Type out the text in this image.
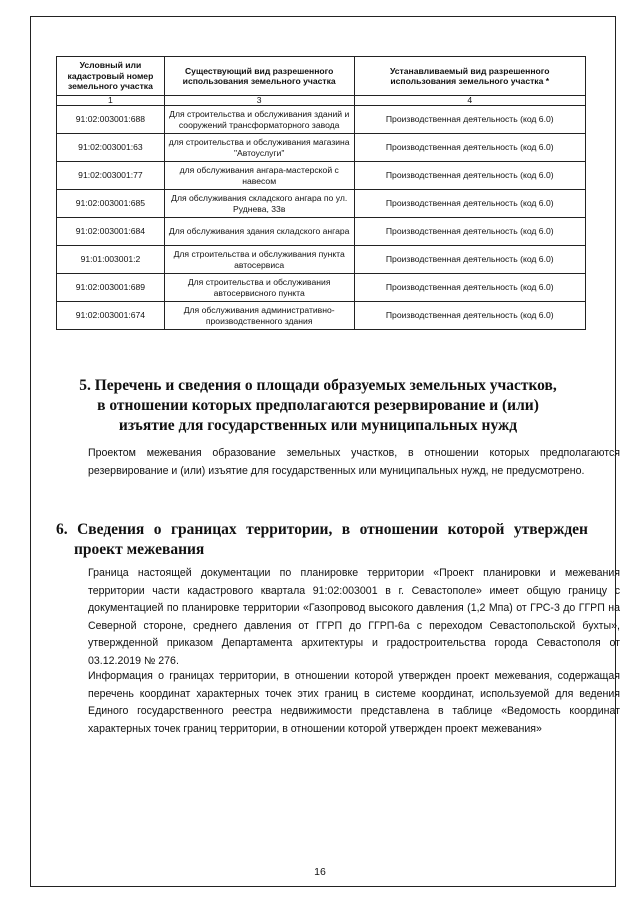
Условный или кадастровый номер земельного участка	Существующий вид разрешенного использования земельного участка	Устанавливаемый вид разрешенного использования земельного участка *
1	3	4
91:02:003001:688	Для строительства и обслуживания зданий и сооружений трансформаторного завода	Производственная деятельность (код 6.0)
91:02:003001:63	для строительства и обслуживания магазина "Автоуслуги"	Производственная деятельность (код 6.0)
91:02:003001:77	для обслуживания ангара-мастерской с навесом	Производственная деятельность (код 6.0)
91:02:003001:685	Для обслуживания складского ангара по ул. Руднева, 33в	Производственная деятельность (код 6.0)
91:02:003001:684	Для обслуживания здания складского ангара	Производственная деятельность (код 6.0)
91:01:003001:2	Для строительства и обслуживания пункта автосервиса	Производственная деятельность (код 6.0)
91:02:003001:689	Для строительства и обслуживания автосервисного пункта	Производственная деятельность (код 6.0)
91:02:003001:674	Для обслуживания административно-производственного здания	Производственная деятельность (код 6.0)
5. Перечень и сведения о площади образуемых земельных участков, в отношении которых предполагаются резервирование и (или) изъятие для государственных или муниципальных нужд

Проектом межевания образование земельных участков, в отношении которых предполагаются резервирование и (или) изъятие для государственных или муниципальных нужд, не предусмотрено.

6. Сведения о границах территории, в отношении которой утвержден
проект межевания

Граница настоящей документации по планировке территории «Проект планировки и межевания территории части кадастрового квартала 91:02:003001 в г. Севастополе» имеет общую границу с документацией по планировке территории «Газопровод высокого давления (1,2 Мпа) от ГРС-3 до ГГРП на Северной стороне, среднего давления от ГГРП до ГГРП-6а с переходом Севастопольской бухты», утвержденной приказом Департамента архитектуры и градостроительства города Севастополя от 03.12.2019 № 276.

Информация о границах территории, в отношении которой утвержден проект межевания, содержащая перечень координат характерных точек этих границ в системе координат, используемой для ведения Единого государственного реестра недвижимости представлена в таблице «Ведомость координат характерных точек границ территории, в отношении которой утвержден проект межевания»

16
